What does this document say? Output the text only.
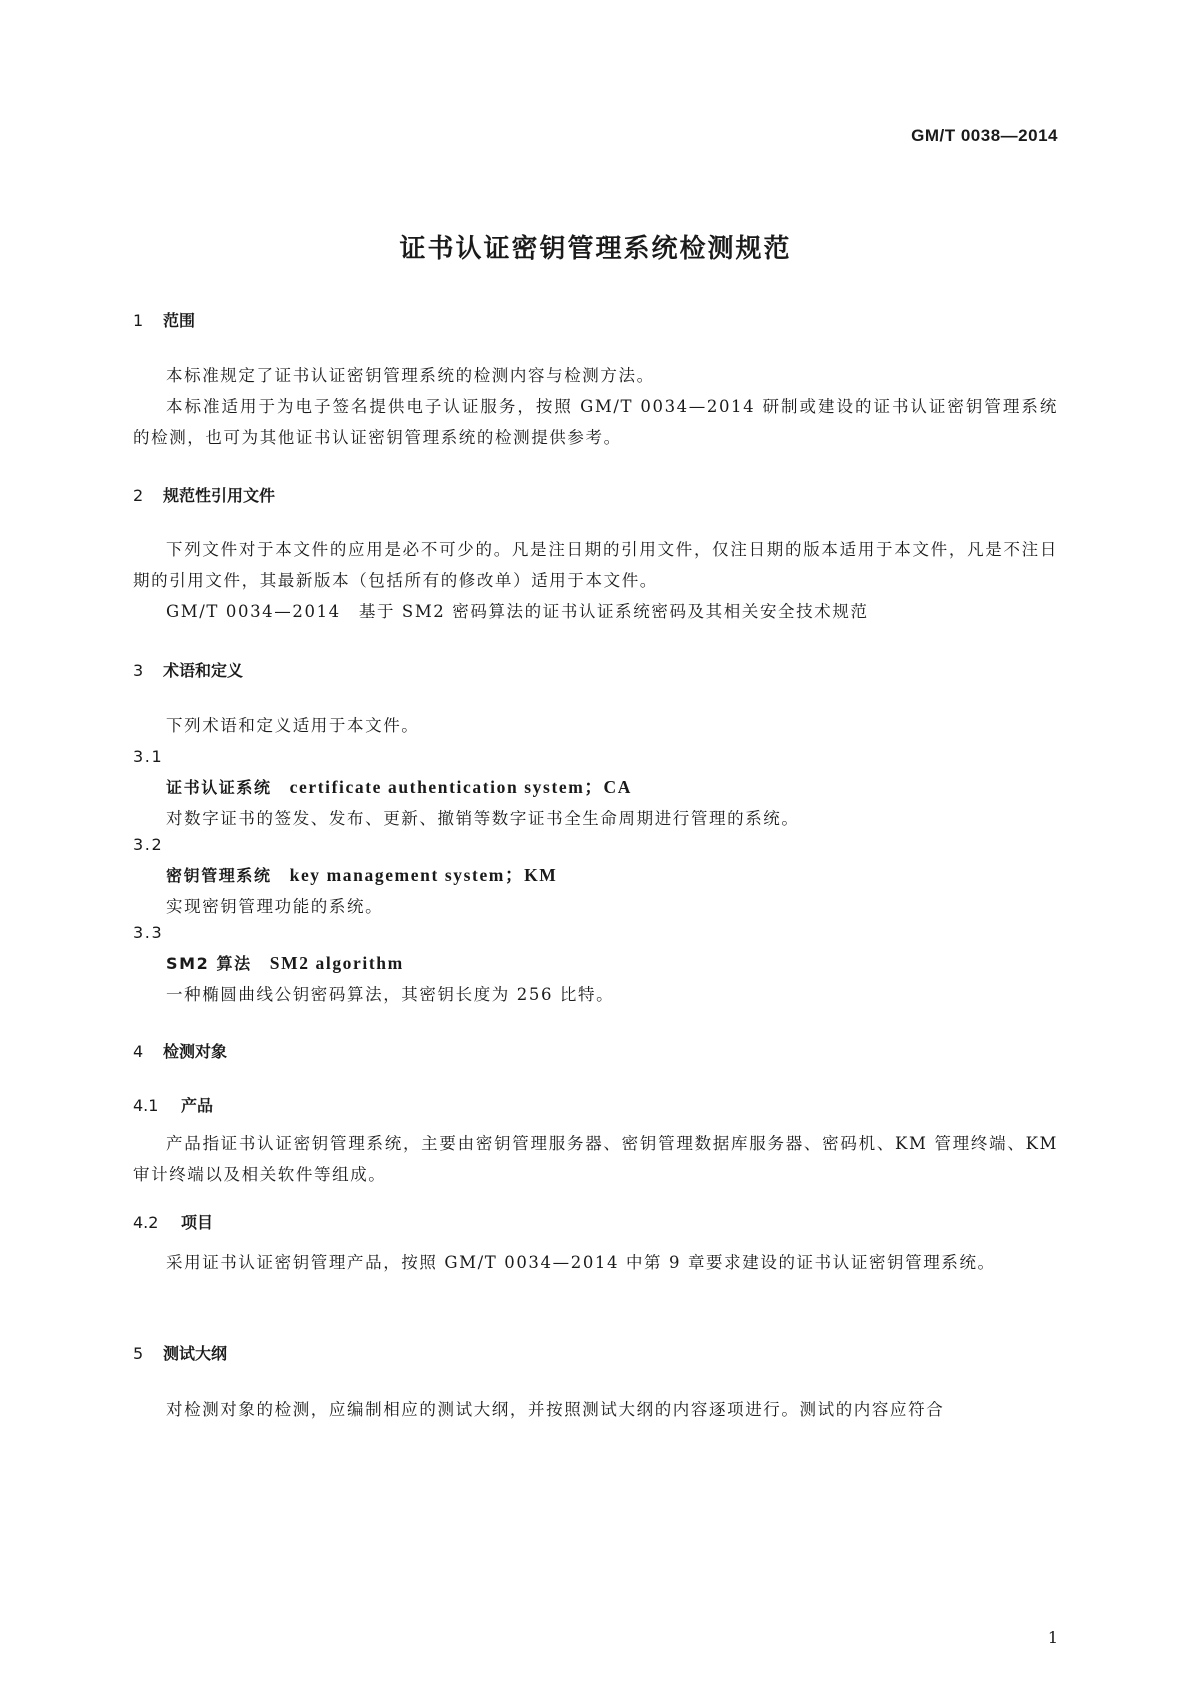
GM/T 0038—2014
证书认证密钥管理系统检测规范
1 范围
本标准规定了证书认证密钥管理系统的检测内容与检测方法。
本标准适用于为电子签名提供电子认证服务，按照 GM/T 0034—2014 研制或建设的证书认证密钥管理系统的检测，也可为其他证书认证密钥管理系统的检测提供参考。
2 规范性引用文件
下列文件对于本文件的应用是必不可少的。凡是注日期的引用文件，仅注日期的版本适用于本文件，凡是不注日期的引用文件，其最新版本（包括所有的修改单）适用于本文件。
GM/T 0034—2014　基于 SM2 密码算法的证书认证系统密码及其相关安全技术规范
3 术语和定义
下列术语和定义适用于本文件。
3.1
证书认证系统 certificate authentication system；CA
对数字证书的签发、发布、更新、撤销等数字证书全生命周期进行管理的系统。
3.2
密钥管理系统 key management system；KM
实现密钥管理功能的系统。
3.3
SM2 算法 SM2 algorithm
一种椭圆曲线公钥密码算法，其密钥长度为 256 比特。
4 检测对象
4.1 产品
产品指证书认证密钥管理系统，主要由密钥管理服务器、密钥管理数据库服务器、密码机、KM 管理终端、KM 审计终端以及相关软件等组成。
4.2 项目
采用证书认证密钥管理产品，按照 GM/T 0034—2014 中第 9 章要求建设的证书认证密钥管理系统。
5 测试大纲
对检测对象的检测，应编制相应的测试大纲，并按照测试大纲的内容逐项进行。测试的内容应符合
1
